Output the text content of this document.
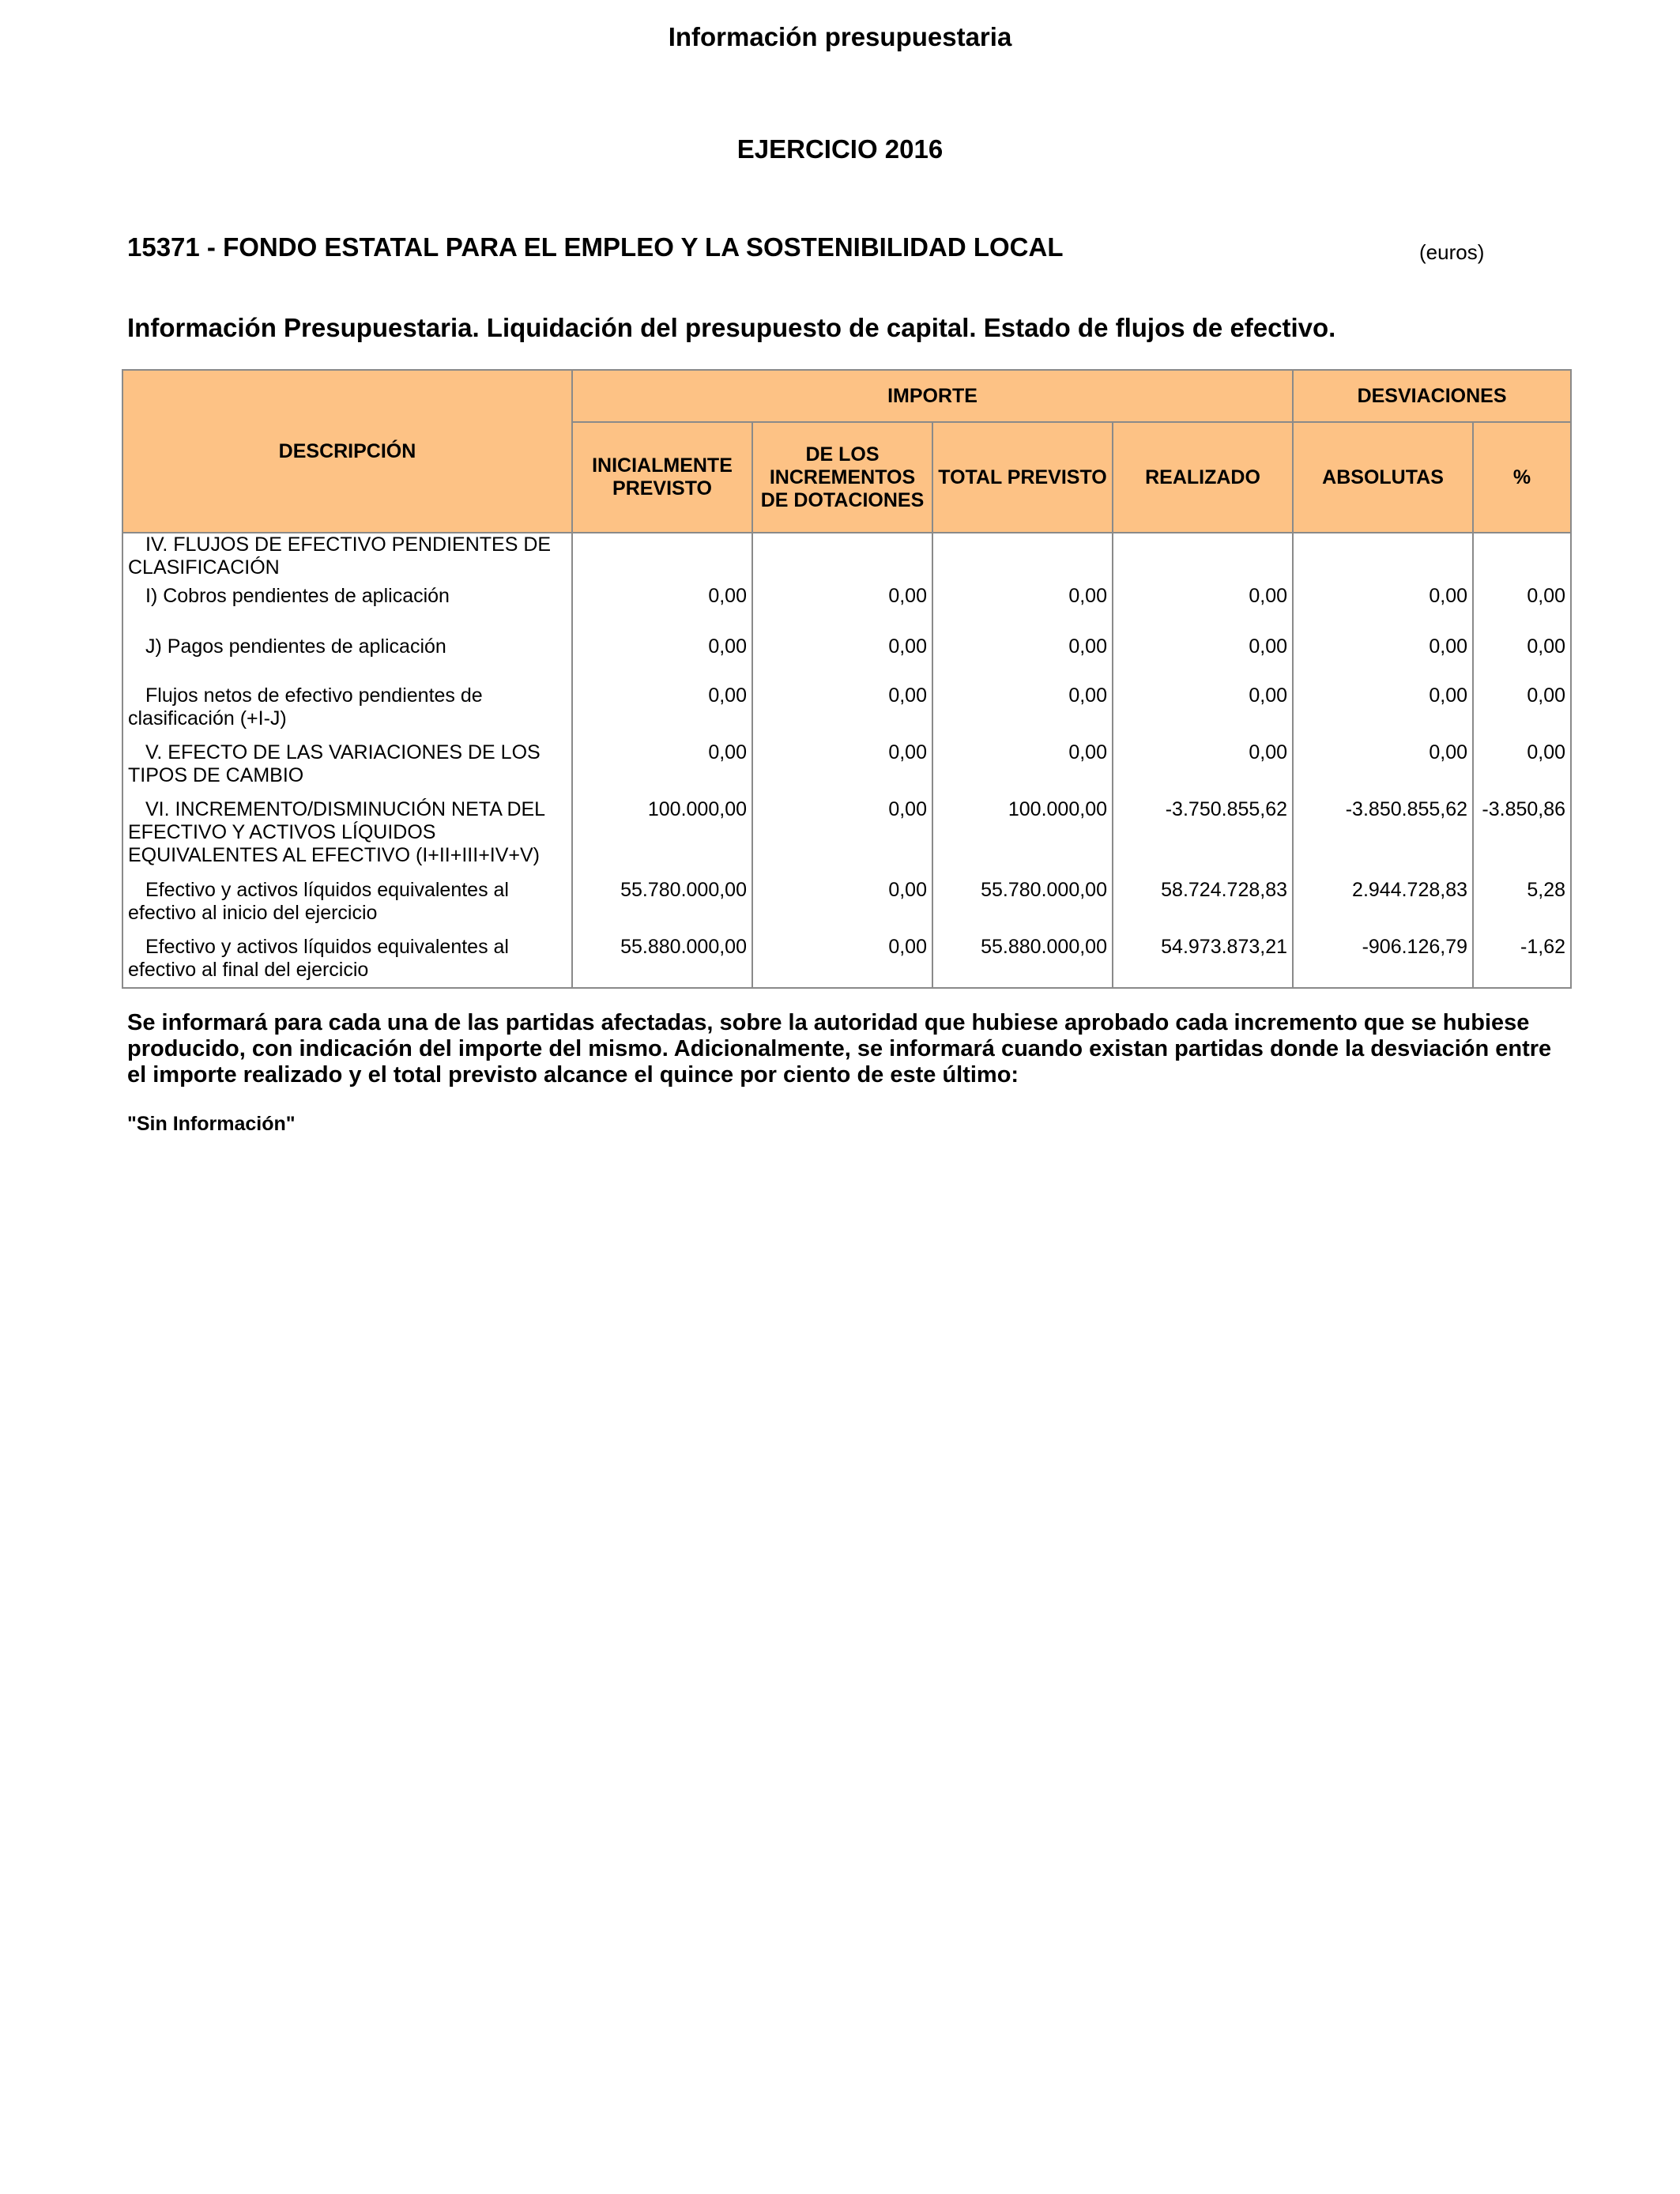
Información presupuestaria
EJERCICIO 2016
15371 - FONDO ESTATAL PARA EL EMPLEO Y LA SOSTENIBILIDAD LOCAL	(euros)
Información Presupuestaria. Liquidación del presupuesto de capital. Estado de flujos de efectivo.
DESCRIPCIÓN	IMPORTE				DESVIACIONES	
	INICIALMENTE PREVISTO	DE LOS INCREMENTOS DE DOTACIONES	TOTAL PREVISTO	REALIZADO	ABSOLUTAS	%
IV. FLUJOS DE EFECTIVO PENDIENTES DE CLASIFICACIÓN						
I) Cobros pendientes de aplicación	0,00	0,00	0,00	0,00	0,00	0,00
J) Pagos pendientes de aplicación	0,00	0,00	0,00	0,00	0,00	0,00
Flujos netos de efectivo pendientes de clasificación (+I-J)	0,00	0,00	0,00	0,00	0,00	0,00
V. EFECTO DE LAS VARIACIONES DE LOS TIPOS DE CAMBIO	0,00	0,00	0,00	0,00	0,00	0,00
VI. INCREMENTO/DISMINUCIÓN NETA DEL EFECTIVO Y ACTIVOS LÍQUIDOS EQUIVALENTES AL EFECTIVO (I+II+III+IV+V)	100.000,00	0,00	100.000,00	-3.750.855,62	-3.850.855,62	-3.850,86
Efectivo y activos líquidos equivalentes al efectivo al inicio del ejercicio	55.780.000,00	0,00	55.780.000,00	58.724.728,83	2.944.728,83	5,28
Efectivo y activos líquidos equivalentes al efectivo al final del ejercicio	55.880.000,00	0,00	55.880.000,00	54.973.873,21	-906.126,79	-1,62
Se informará para cada una de las partidas afectadas, sobre la autoridad que hubiese aprobado cada incremento que se hubiese producido, con indicación del importe del mismo. Adicionalmente, se informará cuando existan partidas donde la desviación entre el importe realizado y el total previsto alcance el quince por ciento de este último:
"Sin Información"
